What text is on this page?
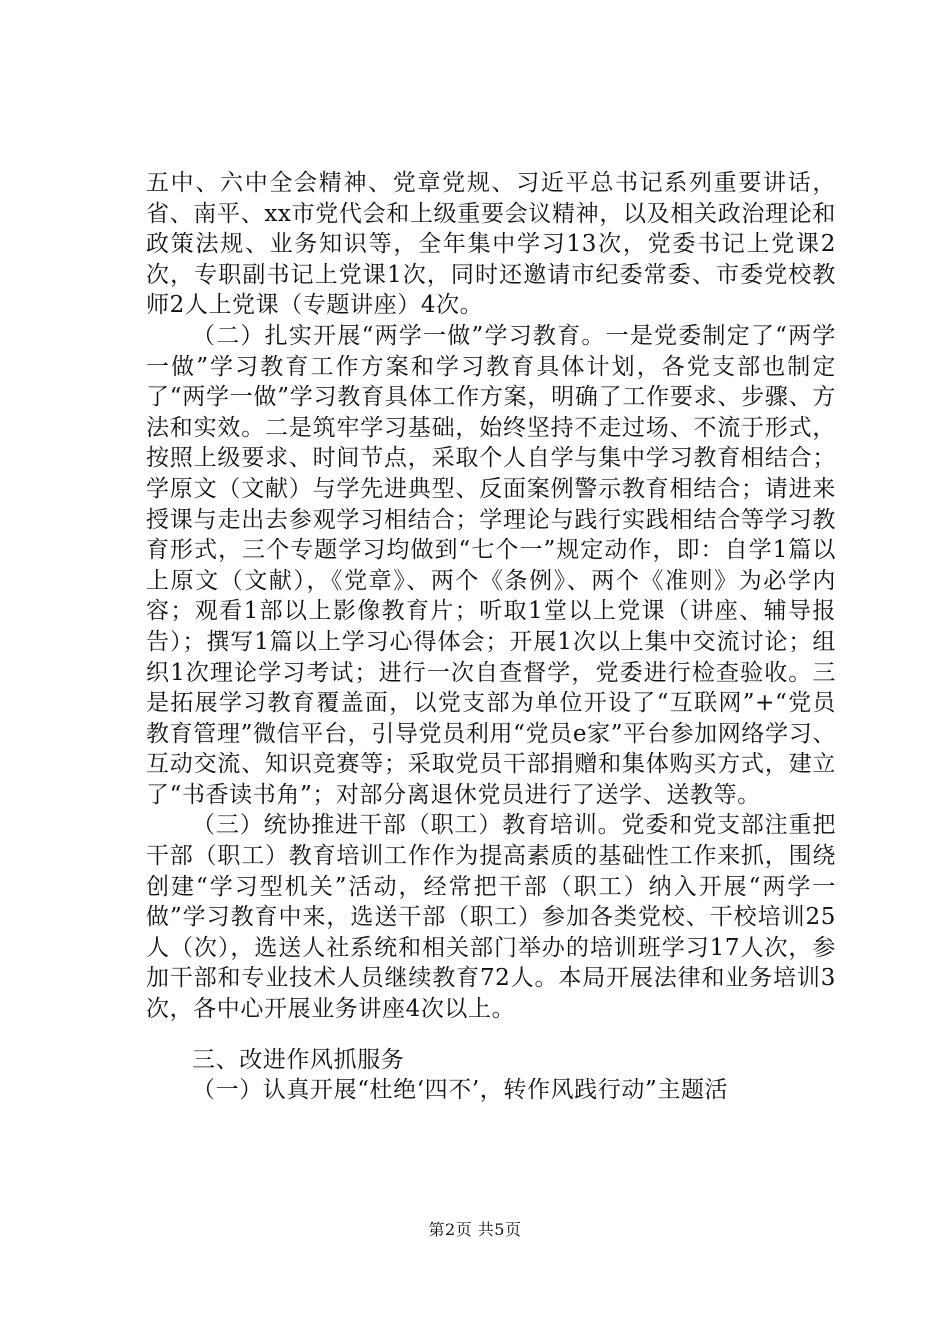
五中、六中全会精神、党章党规、习近平总书记系列重要讲话，省、南平、xx市党代会和上级重要会议精神，以及相关政治理论和政策法规、业务知识等，全年集中学习13次，党委书记上党课2次，专职副书记上党课1次，同时还邀请市纪委常委、市委党校教师2人上党课（专题讲座）4次。

（二）扎实开展“两学一做”学习教育。一是党委制定了“两学一做”学习教育工作方案和学习教育具体计划，各党支部也制定了“两学一做”学习教育具体工作方案，明确了工作要求、步骤、方法和实效。二是筑牢学习基础，始终坚持不走过场、不流于形式，按照上级要求、时间节点，采取个人自学与集中学习教育相结合；学原文（文献）与学先进典型、反面案例警示教育相结合；请进来授课与走出去参观学习相结合；学理论与践行实践相结合等学习教育形式，三个专题学习均做到“七个一”规定动作，即：自学1篇以上原文（文献），《党章》、两个《条例》、两个《准则》为必学内容；观看1部以上影像教育片；听取1堂以上党课（讲座、辅导报告）；撰写1篇以上学习心得体会；开展1次以上集中交流讨论；组织1次理论学习考试；进行一次自查督学，党委进行检查验收。三是拓展学习教育覆盖面，以党支部为单位开设了“互联网”+“党员教育管理”微信平台，引导党员利用“党员e家”平台参加网络学习、互动交流、知识竞赛等；采取党员干部捐赠和集体购买方式，建立了“书香读书角”；对部分离退休党员进行了送学、送教等。

（三）统协推进干部（职工）教育培训。党委和党支部注重把干部（职工）教育培训工作作为提高素质的基础性工作来抓，围绕创建“学习型机关”活动，经常把干部（职工）纳入开展“两学一做”学习教育中来，选送干部（职工）参加各类党校、干校培训25人（次），选送人社系统和相关部门举办的培训班学习17人次，参加干部和专业技术人员继续教育72人。本局开展法律和业务培训3次，各中心开展业务讲座4次以上。

三、改进作风抓服务

（一）认真开展“杜绝‘四不’，转作风践行动”主题活

第2页 共5页
